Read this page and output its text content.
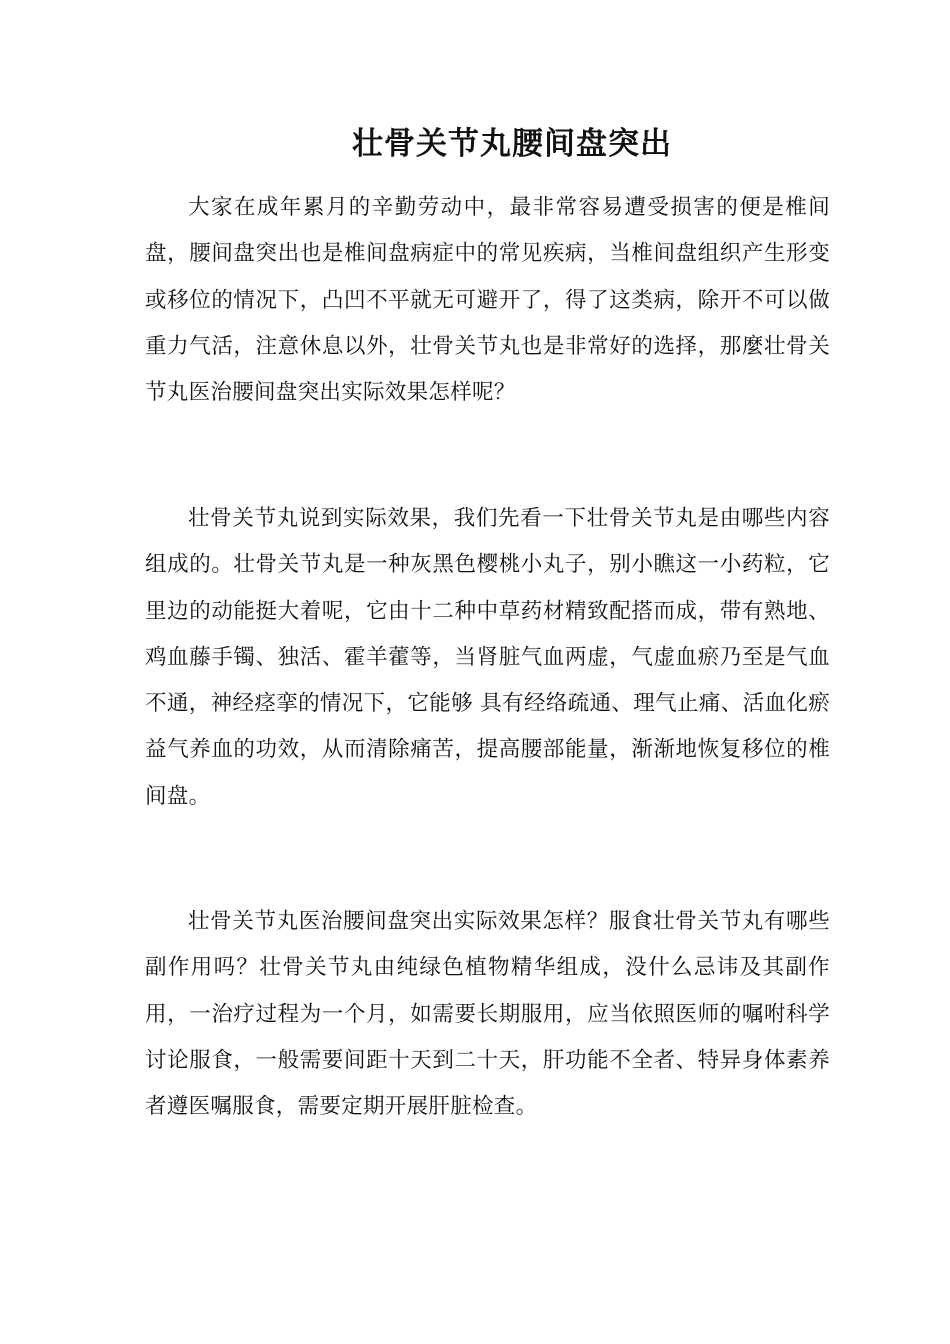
壮骨关节丸腰间盘突出

大家在成年累月的辛勤劳动中，最非常容易遭受损害的便是椎间盘，腰间盘突出也是椎间盘病症中的常见疾病，当椎间盘组织产生形变或移位的情况下，凸凹不平就无可避开了，得了这类病，除开不可以做重力气活，注意休息以外，壮骨关节丸也是非常好的选择，那麼壮骨关节丸医治腰间盘突出实际效果怎样呢？

壮骨关节丸说到实际效果，我们先看一下壮骨关节丸是由哪些内容组成的。壮骨关节丸是一种灰黑色樱桃小丸子，别小瞧这一小药粒，它里边的动能挺大着呢，它由十二种中草药材精致配搭而成，带有熟地、鸡血藤手镯、独活、霍羊藿等，当肾脏气血两虚，气虚血瘀乃至是气血不通，神经痉挛的情况下，它能够 具有经络疏通、理气止痛、活血化瘀益气养血的功效，从而清除痛苦，提高腰部能量，渐渐地恢复移位的椎间盘。

壮骨关节丸医治腰间盘突出实际效果怎样？服食壮骨关节丸有哪些副作用吗？壮骨关节丸由纯绿色植物精华组成，没什么忌讳及其副作用，一治疗过程为一个月，如需要长期服用，应当依照医师的嘱咐科学讨论服食，一般需要间距十天到二十天，肝功能不全者、特异身体素养者遵医嘱服食，需要定期开展肝脏检查。
